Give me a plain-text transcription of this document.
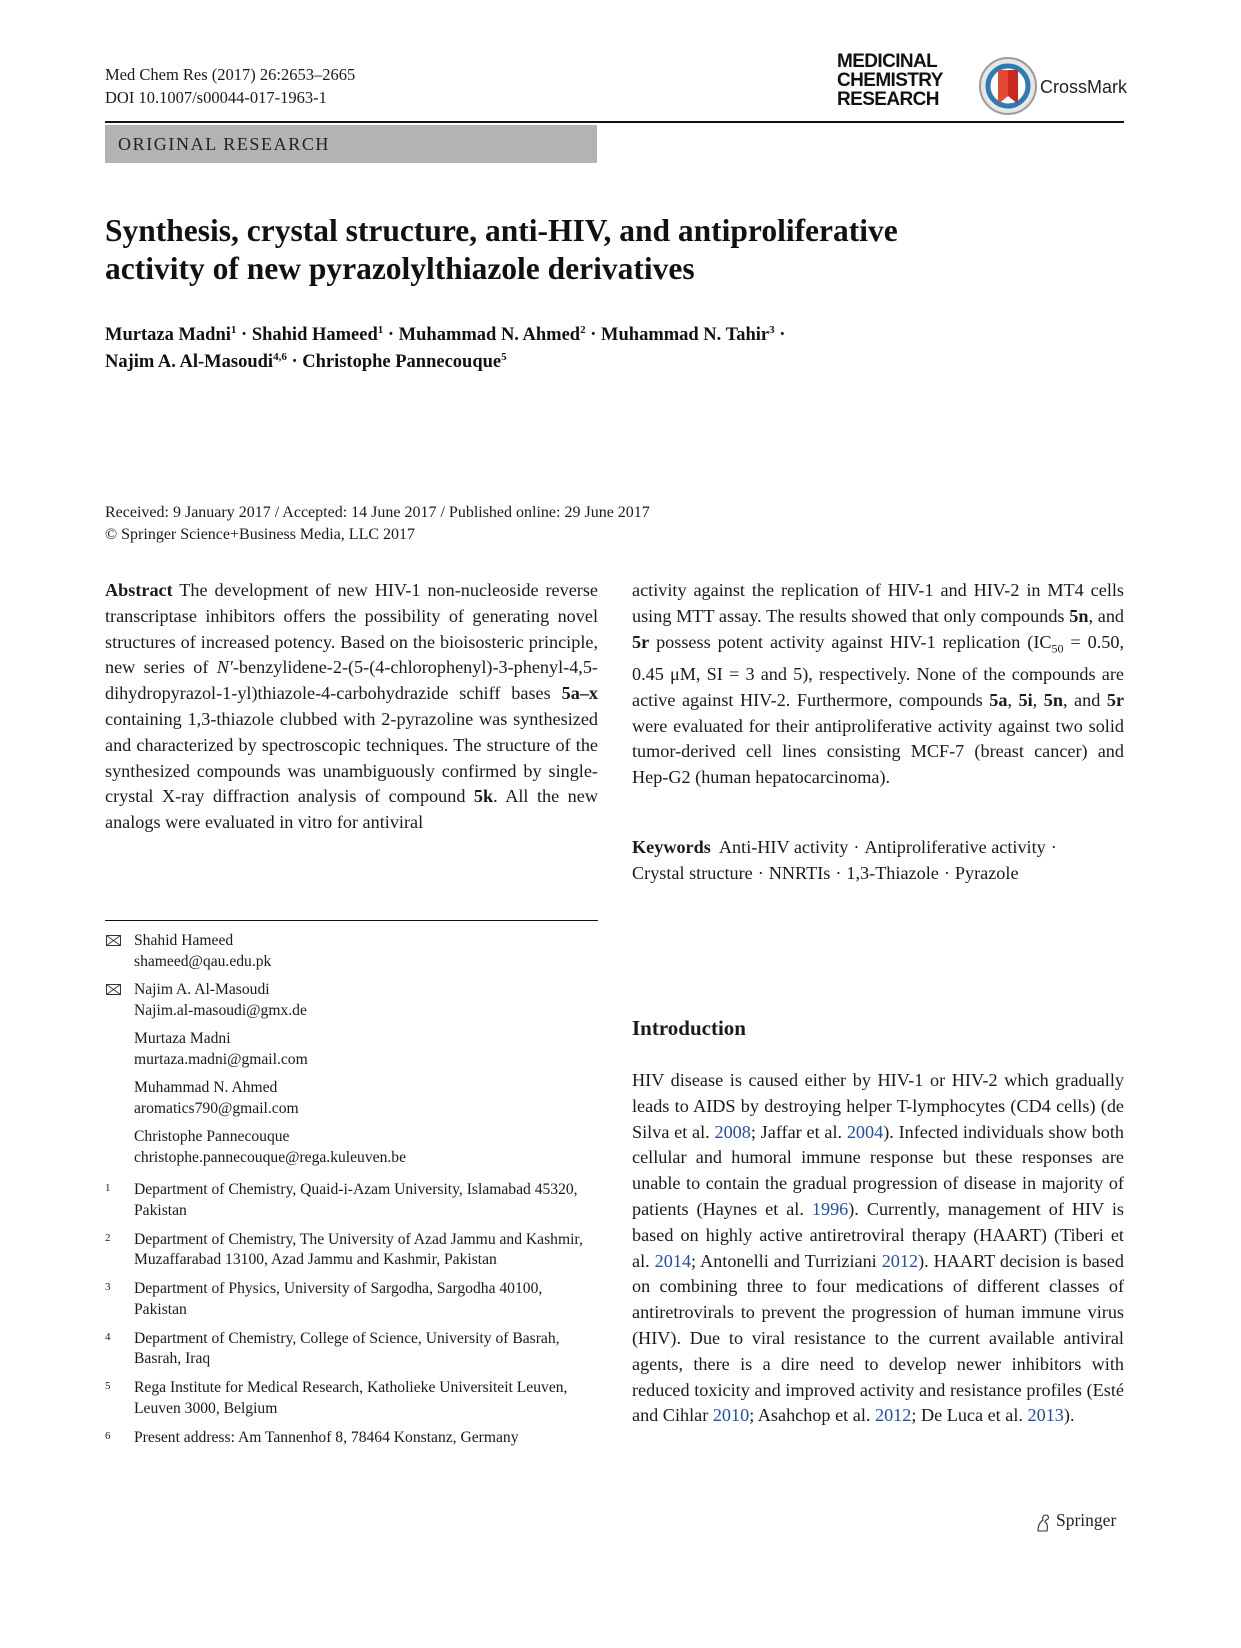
Med Chem Res (2017) 26:2653–2665
DOI 10.1007/s00044-017-1963-1
MEDICINAL
CHEMISTRY
RESEARCH
CrossMark
ORIGINAL RESEARCH
Synthesis, crystal structure, anti-HIV, and antiproliferative
activity of new pyrazolylthiazole derivatives
Murtaza Madni$^1$ · Shahid Hameed$^1$ · Muhammad N. Ahmed$^2$ · Muhammad N. Tahir$^3$ ·
Najim A. Al-Masoudi$^{4,6}$ · Christophe Pannecouque$^5$
Received: 9 January 2017 / Accepted: 14 June 2017 / Published online: 29 June 2017
© Springer Science+Business Media, LLC 2017
Abstract The development of new HIV-1 non-nucleoside reverse transcriptase inhibitors offers the possibility of generating novel structures of increased potency. Based on the bioisosteric principle, new series of N′-benzylidene-2-(5-(4-chlorophenyl)-3-phenyl-4,5-dihydropyrazol-1-yl)thiazole-4-carbohydrazide schiff bases 5a–x containing 1,3-thiazole clubbed with 2-pyrazoline was synthesized and characterized by spectroscopic techniques. The structure of the synthesized compounds was unambiguously confirmed by single-crystal X-ray diffraction analysis of compound 5k. All the new analogs were evaluated in vitro for antiviral
activity against the replication of HIV-1 and HIV-2 in MT4 cells using MTT assay. The results showed that only compounds 5n, and 5r possess potent activity against HIV-1 replication ($IC_{50} = 0.50$, 0.45 μM, SI = 3 and 5), respectively. None of the compounds are active against HIV-2. Furthermore, compounds 5a, 5i, 5n, and 5r were evaluated for their antiproliferative activity against two solid tumor-derived cell lines consisting MCF-7 (breast cancer) and Hep-G2 (human hepatocarcinoma).
Keywords Anti-HIV activity · Antiproliferative activity ·
Crystal structure · NNRTIs · 1,3-Thiazole · Pyrazole
Shahid Hameed
shameed@qau.edu.pk
Najim A. Al-Masoudi
Najim.al-masoudi@gmx.de
Murtaza Madni
murtaza.madni@gmail.com
Muhammad N. Ahmed
aromatics790@gmail.com
Christophe Pannecouque
christophe.pannecouque@rega.kuleuven.be
1 Department of Chemistry, Quaid-i-Azam University, Islamabad 45320, Pakistan
2 Department of Chemistry, The University of Azad Jammu and Kashmir, Muzaffarabad 13100, Azad Jammu and Kashmir, Pakistan
3 Department of Physics, University of Sargodha, Sargodha 40100, Pakistan
4 Department of Chemistry, College of Science, University of Basrah, Basrah, Iraq
5 Rega Institute for Medical Research, Katholieke Universiteit Leuven, Leuven 3000, Belgium
6 Present address: Am Tannenhof 8, 78464 Konstanz, Germany
Introduction
HIV disease is caused either by HIV-1 or HIV-2 which gradually leads to AIDS by destroying helper T-lymphocytes (CD4 cells) (de Silva et al. 2008; Jaffar et al. 2004). Infected individuals show both cellular and humoral immune response but these responses are unable to contain the gradual progression of disease in majority of patients (Haynes et al. 1996). Currently, management of HIV is based on highly active antiretroviral therapy (HAART) (Tiberi et al. 2014; Antonelli and Turriziani 2012). HAART decision is based on combining three to four medications of different classes of antiretrovirals to prevent the progression of human immune virus (HIV). Due to viral resistance to the current available antiviral agents, there is a dire need to develop newer inhibitors with reduced toxicity and improved activity and resistance profiles (Esté and Cihlar 2010; Asahchop et al. 2012; De Luca et al. 2013).
Springer
